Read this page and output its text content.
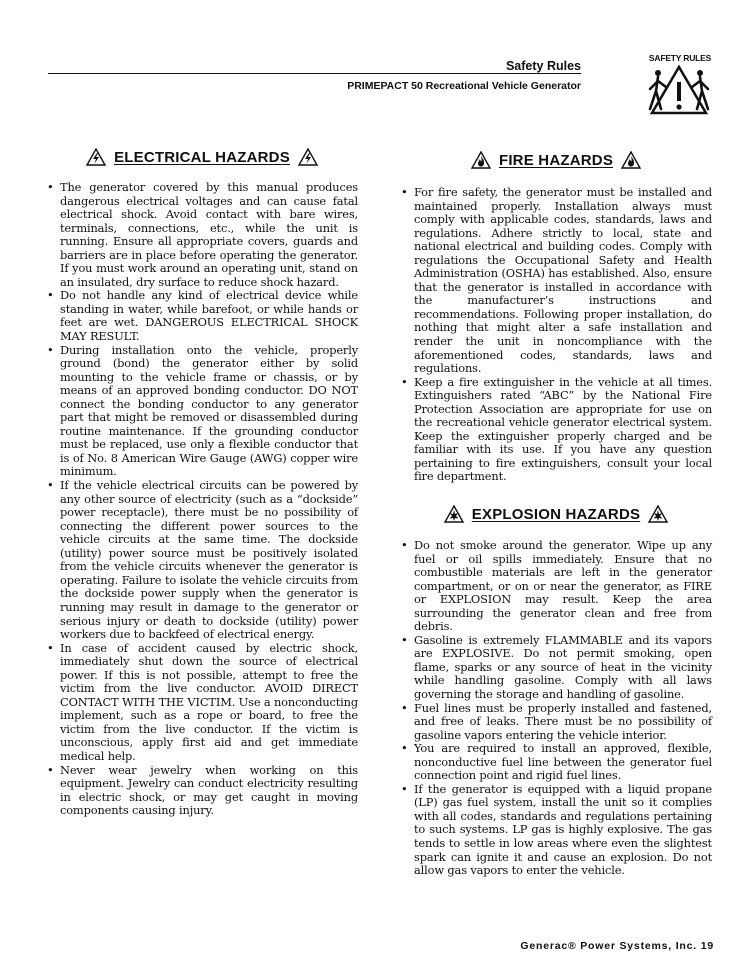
Safety Rules
PRIMEPACT 50 Recreational Vehicle Generator
SAFETY RULES
ELECTRICAL HAZARDS
• The generator covered by this manual produces dangerous electrical voltages and can cause fatal electrical shock. Avoid contact with bare wires, terminals, connections, etc., while the unit is running. Ensure all appropriate covers, guards and barriers are in place before operating the generator. If you must work around an operating unit, stand on an insulated, dry surface to reduce shock hazard.
• Do not handle any kind of electrical device while standing in water, while barefoot, or while hands or feet are wet. DANGEROUS ELECTRICAL SHOCK MAY RESULT.
• During installation onto the vehicle, properly ground (bond) the generator either by solid mounting to the vehicle frame or chassis, or by means of an approved bonding conductor. DO NOT connect the bonding conductor to any generator part that might be removed or disassembled during routine maintenance. If the grounding conductor must be replaced, use only a flexible conductor that is of No. 8 American Wire Gauge (AWG) copper wire minimum.
• If the vehicle electrical circuits can be powered by any other source of electricity (such as a “dockside” power receptacle), there must be no possibility of connecting the different power sources to the vehicle circuits at the same time. The dockside (utility) power source must be positively isolated from the vehicle circuits whenever the generator is operating. Failure to isolate the vehicle circuits from the dockside power supply when the generator is running may result in damage to the generator or serious injury or death to dockside (utility) power workers due to backfeed of electrical energy.
• In case of accident caused by electric shock, immediately shut down the source of electrical power. If this is not possible, attempt to free the victim from the live conductor. AVOID DIRECT CONTACT WITH THE VICTIM. Use a nonconducting implement, such as a rope or board, to free the victim from the live conductor. If the victim is unconscious, apply first aid and get immediate medical help.
• Never wear jewelry when working on this equipment. Jewelry can conduct electricity resulting in electric shock, or may get caught in moving components causing injury.
FIRE HAZARDS
• For fire safety, the generator must be installed and maintained properly. Installation always must comply with applicable codes, standards, laws and regulations. Adhere strictly to local, state and national electrical and building codes. Comply with regulations the Occupational Safety and Health Administration (OSHA) has established. Also, ensure that the generator is installed in accordance with the manufacturer’s instructions and recommendations. Following proper installation, do nothing that might alter a safe installation and render the unit in noncompliance with the aforementioned codes, standards, laws and regulations.
• Keep a fire extinguisher in the vehicle at all times. Extinguishers rated “ABC” by the National Fire Protection Association are appropriate for use on the recreational vehicle generator electrical system. Keep the extinguisher properly charged and be familiar with its use. If you have any question pertaining to fire extinguishers, consult your local fire department.
EXPLOSION HAZARDS
• Do not smoke around the generator. Wipe up any fuel or oil spills immediately. Ensure that no combustible materials are left in the generator compartment, or on or near the generator, as FIRE or EXPLOSION may result. Keep the area surrounding the generator clean and free from debris.
• Gasoline is extremely FLAMMABLE and its vapors are EXPLOSIVE. Do not permit smoking, open flame, sparks or any source of heat in the vicinity while handling gasoline. Comply with all laws governing the storage and handling of gasoline.
• Fuel lines must be properly installed and fastened, and free of leaks. There must be no possibility of gasoline vapors entering the vehicle interior.
• You are required to install an approved, flexible, nonconductive fuel line between the generator fuel connection point and rigid fuel lines.
• If the generator is equipped with a liquid propane (LP) gas fuel system, install the unit so it complies with all codes, standards and regulations pertaining to such systems. LP gas is highly explosive. The gas tends to settle in low areas where even the slightest spark can ignite it and cause an explosion. Do not allow gas vapors to enter the vehicle.
Generac® Power Systems, Inc. 19
